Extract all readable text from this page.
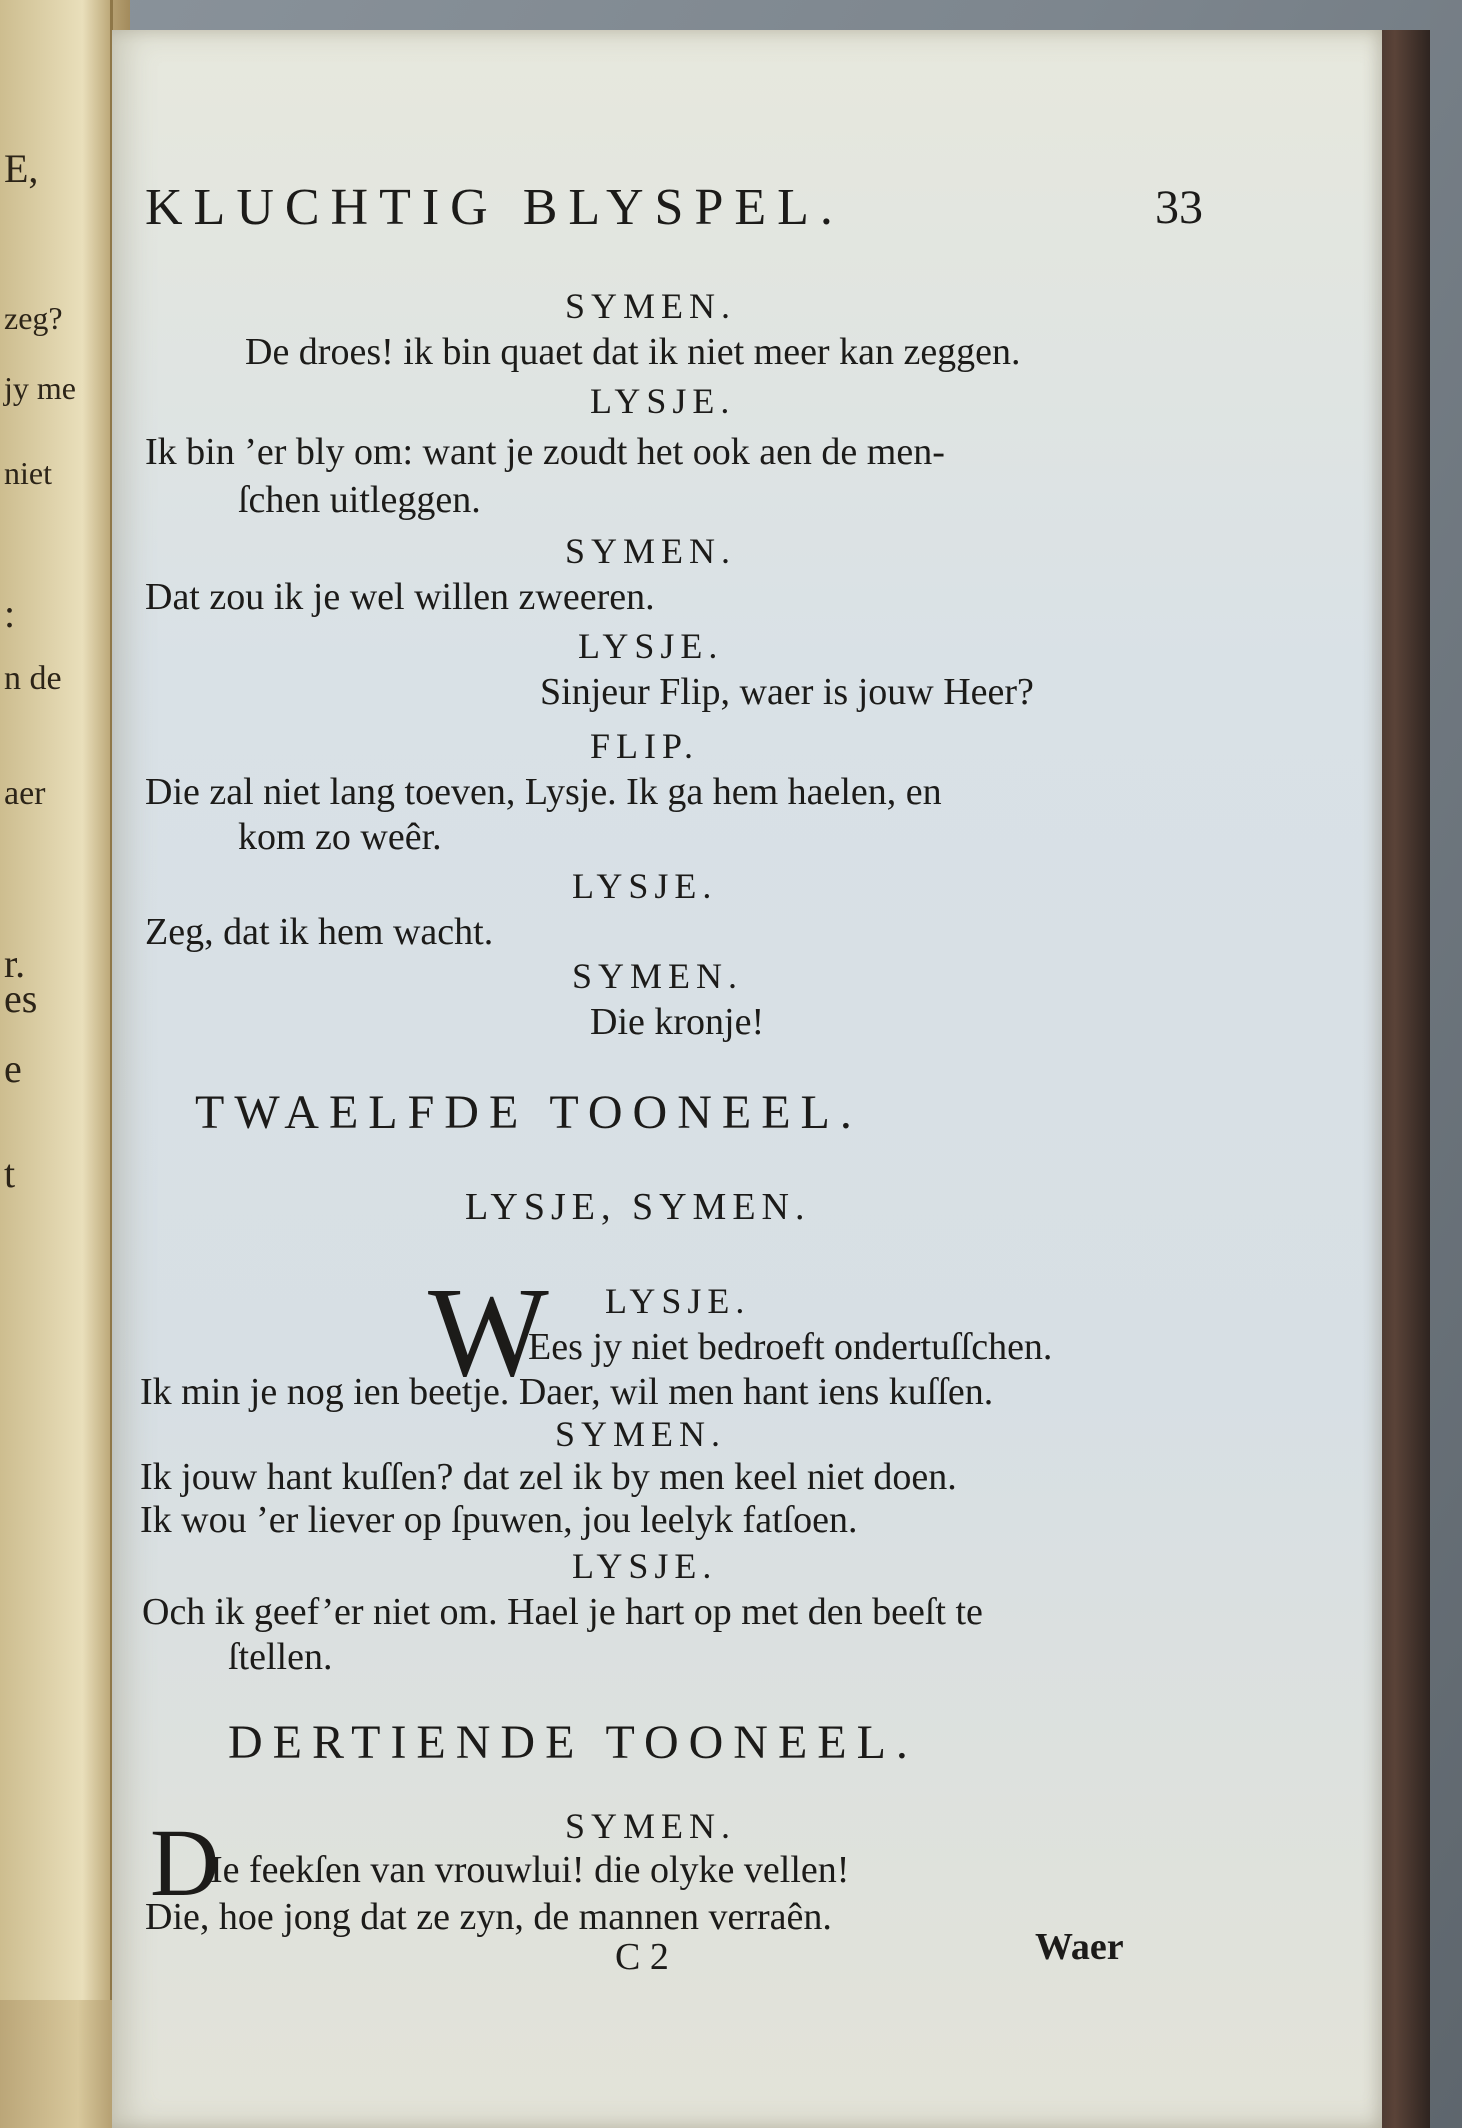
E,
zeg?
jy me
niet
:
n de
aer
r.
es
e
t
KLUCHTIG BLYSPEL.	33
SYMEN.
De droes! ik bin quaet dat ik niet meer kan zeggen.
LYSJE.
Ik bin ’er bly om: want je zoudt het ook aen de men-
ſchen uitleggen.
SYMEN.
Dat zou ik je wel willen zweeren.
LYSJE.
Sinjeur Flip, waer is jouw Heer?
FLIP.
Die zal niet lang toeven, Lysje. Ik ga hem haelen, en
kom zo weêr.
LYSJE.
Zeg, dat ik hem wacht.
SYMEN.
Die kronje!
TWAELFDE TOONEEL.
LYSJE, SYMEN.
W LYSJE.
Ees jy niet bedroeft ondertuſſchen.
Ik min je nog ien beetje. Daer, wil men hant iens kuſſen.
SYMEN.
Ik jouw hant kuſſen? dat zel ik by men keel niet doen.
Ik wou ’er liever op ſpuwen, jou leelyk fatſoen.
LYSJE.
Och ik geef’er niet om. Hael je hart op met den beeſt te
ſtellen.
DERTIENDE TOONEEL.
SYMEN.
D
Ie feekſen van vrouwlui! die olyke vellen!
Die, hoe jong dat ze zyn, de mannen verraên.
C 2	Waer
